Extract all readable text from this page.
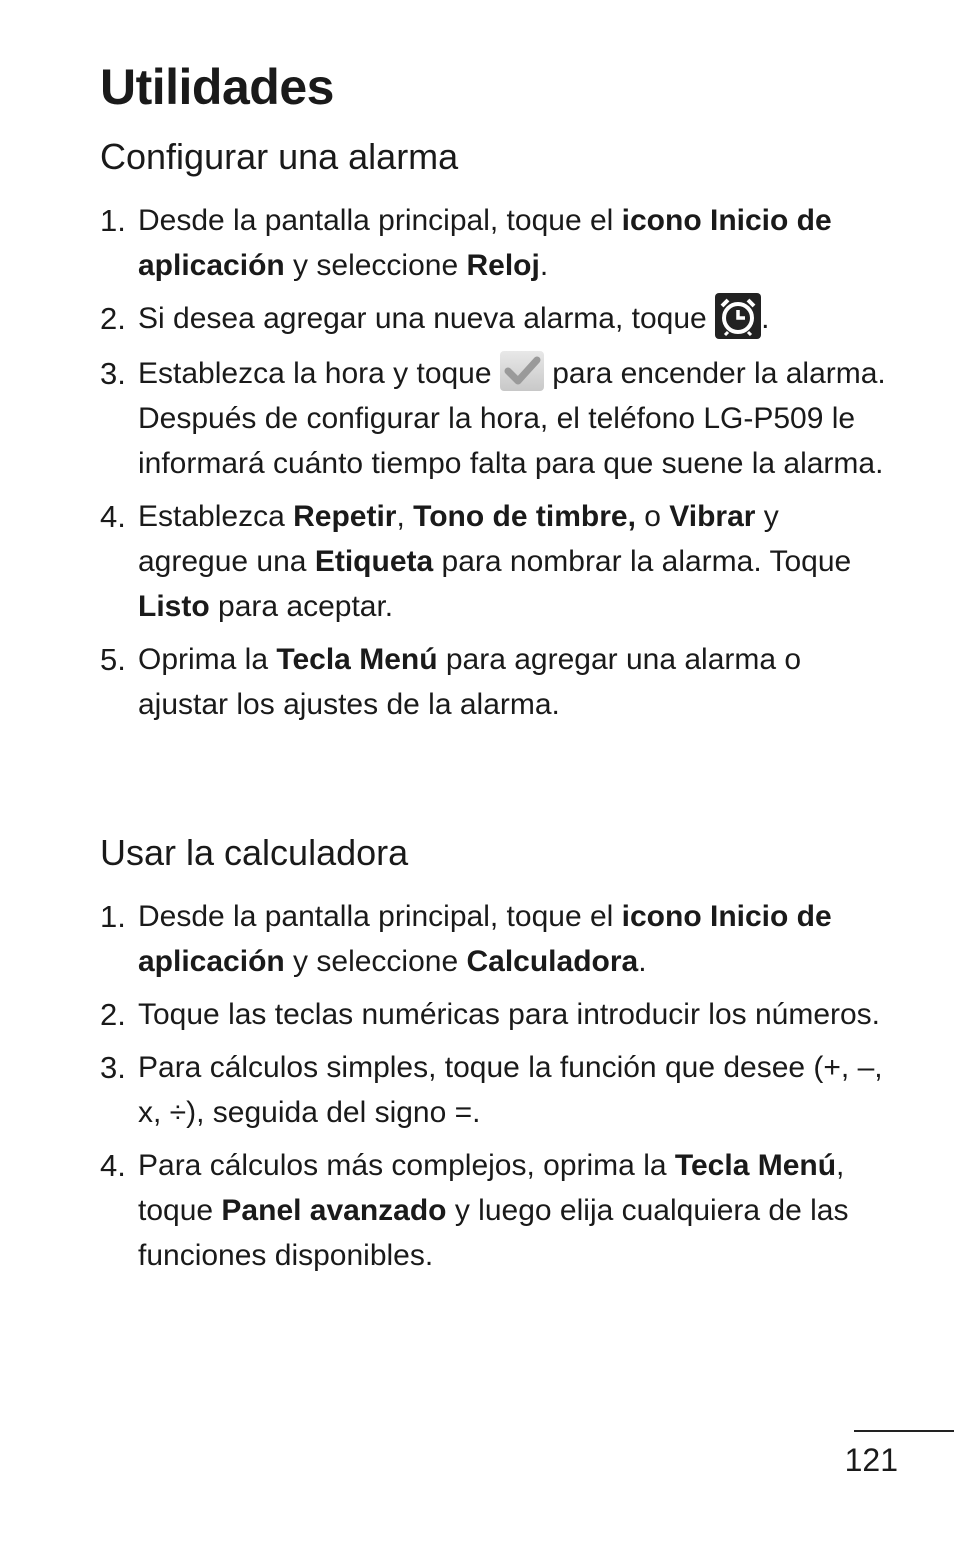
Utilidades
Configurar una alarma
1. Desde la pantalla principal, toque el icono Inicio de aplicación y seleccione Reloj.
2. Si desea agregar una nueva alarma, toque .
3. Establezca la hora y toque  para encender la alarma. Después de configurar la hora, el teléfono LG-P509 le informará cuánto tiempo falta para que suene la alarma.
4. Establezca Repetir, Tono de timbre, o Vibrar y agregue una Etiqueta para nombrar la alarma. Toque Listo para aceptar.
5. Oprima la Tecla Menú para agregar una alarma o ajustar los ajustes de la alarma.
Usar la calculadora
1. Desde la pantalla principal, toque el icono Inicio de aplicación y seleccione Calculadora.
2. Toque las teclas numéricas para introducir los números.
3. Para cálculos simples, toque la función que desee (+, –, x, ÷), seguida del signo =.
4. Para cálculos más complejos, oprima la Tecla Menú, toque Panel avanzado y luego elija cualquiera de las funciones disponibles.
121
